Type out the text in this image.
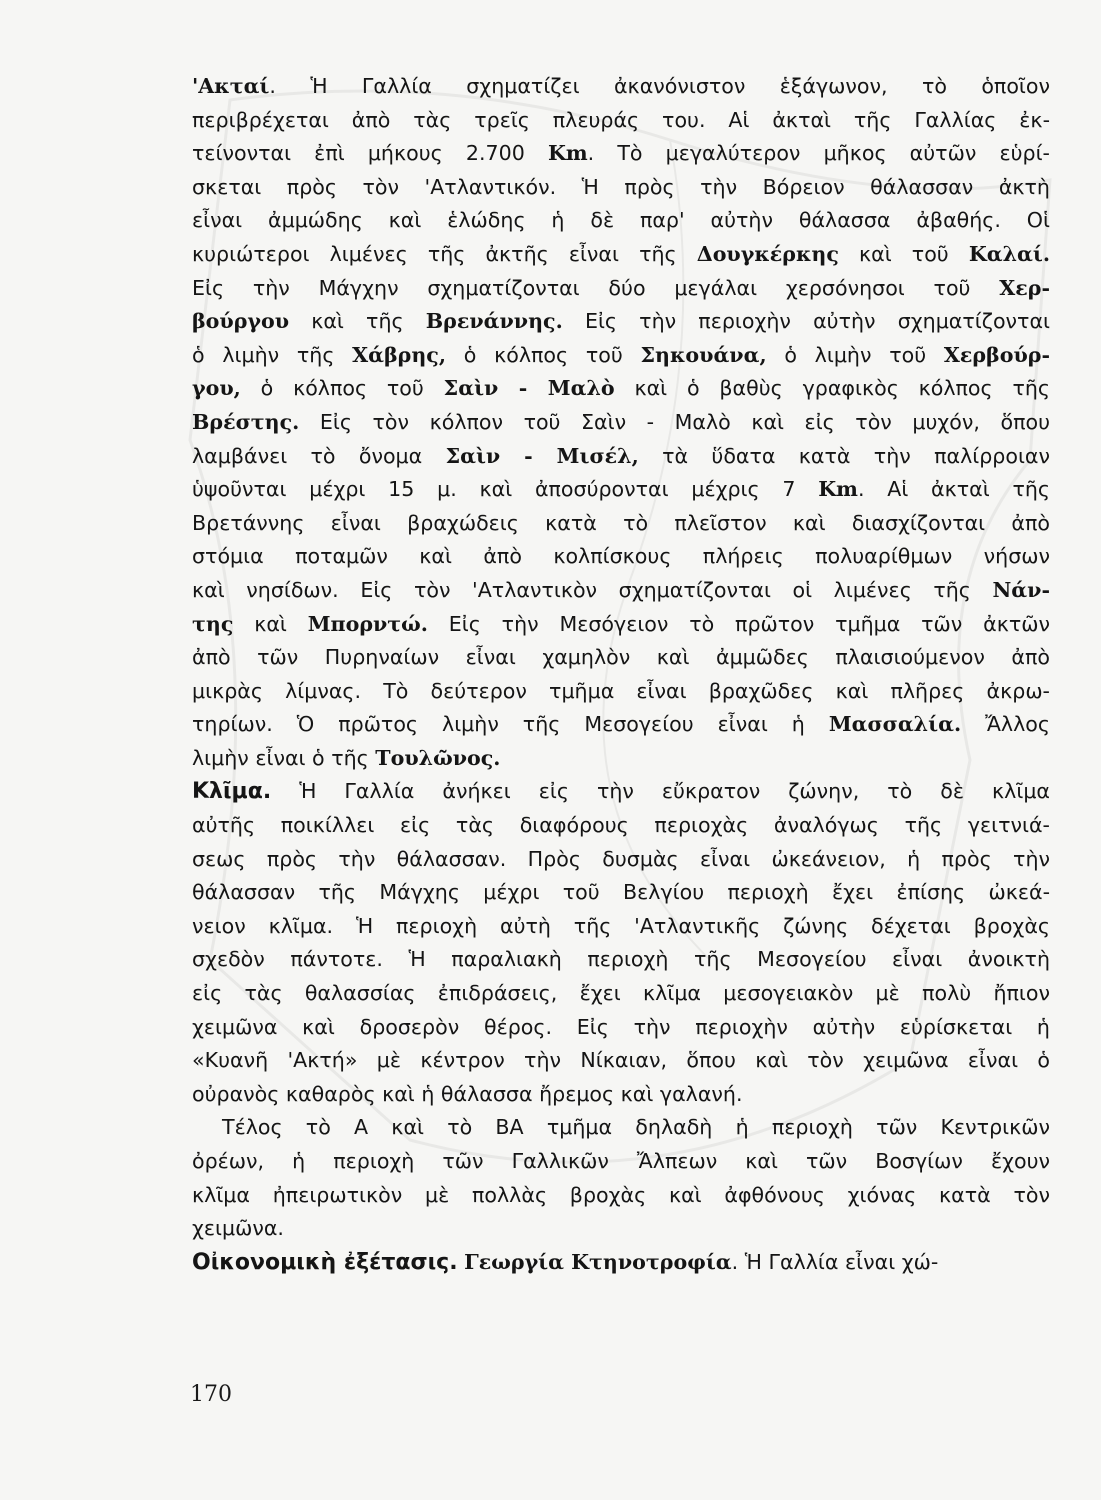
'Ακταί. Ἡ Γαλλία σχηματίζει ἀκανόνιστον ἑξάγωνον, τὸ ὁποῖον
περιβρέχεται ἀπὸ τὰς τρεῖς πλευράς του. Αἱ ἀκταὶ τῆς Γαλλίας ἐκ-
τείνονται ἐπὶ μήκους 2.700 Km. Τὸ μεγαλύτερον μῆκος αὐτῶν εὑρί-
σκεται πρὸς τὸν 'Ατλαντικόν. Ἡ πρὸς τὴν Βόρειον θάλασσαν ἀκτὴ
εἶναι ἀμμώδης καὶ ἑλώδης ἡ δὲ παρ' αὐτὴν θάλασσα ἀβαθής. Οἱ
κυριώτεροι λιμένες τῆς ἀκτῆς εἶναι τῆς Δουγκέρκης καὶ τοῦ Καλαί.
Εἰς τὴν Μάγχην σχηματίζονται δύο μεγάλαι χερσόνησοι τοῦ Χερ-
βούργου καὶ τῆς Βρενάννης. Εἰς τὴν περιοχὴν αὐτὴν σχηματίζονται
ὁ λιμὴν τῆς Χάβρης, ὁ κόλπος τοῦ Σηκουάνα, ὁ λιμὴν τοῦ Χερβούρ-
γου, ὁ κόλπος τοῦ Σαὶν - Μαλὸ καὶ ὁ βαθὺς γραφικὸς κόλπος τῆς
Βρέστης. Εἰς τὸν κόλπον τοῦ Σαὶν - Μαλὸ καὶ εἰς τὸν μυχόν, ὅπου
λαμβάνει τὸ ὄνομα Σαὶν - Μισέλ, τὰ ὕδατα κατὰ τὴν παλίρροιαν
ὑψοῦνται μέχρι 15 μ. καὶ ἀποσύρονται μέχρις 7 Km. Αἱ ἀκταὶ τῆς
Βρετάννης εἶναι βραχώδεις κατὰ τὸ πλεῖστον καὶ διασχίζονται ἀπὸ
στόμια ποταμῶν καὶ ἀπὸ κολπίσκους πλήρεις πολυαρίθμων νήσων
καὶ νησίδων. Εἰς τὸν 'Ατλαντικὸν σχηματίζονται οἱ λιμένες τῆς Νάν-
της καὶ Μπορντώ. Εἰς τὴν Μεσόγειον τὸ πρῶτον τμῆμα τῶν ἀκτῶν
ἀπὸ τῶν Πυρηναίων εἶναι χαμηλὸν καὶ ἀμμῶδες πλαισιούμενον ἀπὸ
μικρὰς λίμνας. Τὸ δεύτερον τμῆμα εἶναι βραχῶδες καὶ πλῆρες ἀκρω-
τηρίων. Ὁ πρῶτος λιμὴν τῆς Μεσογείου εἶναι ἡ Μασσαλία. Ἄλλος
λιμὴν εἶναι ὁ τῆς Τουλῶνος.
Κλῖμα. Ἡ Γαλλία ἀνήκει εἰς τὴν εὔκρατον ζώνην, τὸ δὲ κλῖμα
αὐτῆς ποικίλλει εἰς τὰς διαφόρους περιοχὰς ἀναλόγως τῆς γειτνιά-
σεως πρὸς τὴν θάλασσαν. Πρὸς δυσμὰς εἶναι ὠκεάνειον, ἡ πρὸς τὴν
θάλασσαν τῆς Μάγχης μέχρι τοῦ Βελγίου περιοχὴ ἔχει ἐπίσης ὠκεά-
νειον κλῖμα. Ἡ περιοχὴ αὐτὴ τῆς 'Ατλαντικῆς ζώνης δέχεται βροχὰς
σχεδὸν πάντοτε. Ἡ παραλιακὴ περιοχὴ τῆς Μεσογείου εἶναι ἀνοικτὴ
εἰς τὰς θαλασσίας ἐπιδράσεις, ἔχει κλῖμα μεσογειακὸν μὲ πολὺ ἤπιον
χειμῶνα καὶ δροσερὸν θέρος. Εἰς τὴν περιοχὴν αὐτὴν εὑρίσκεται ἡ
«Κυανῆ 'Ακτή» μὲ κέντρον τὴν Νίκαιαν, ὅπου καὶ τὸν χειμῶνα εἶναι ὁ
οὐρανὸς καθαρὸς καὶ ἡ θάλασσα ἤρεμος καὶ γαλανή.
Τέλος τὸ Α καὶ τὸ ΒΑ τμῆμα δηλαδὴ ἡ περιοχὴ τῶν Κεντρικῶν
ὀρέων, ἡ περιοχὴ τῶν Γαλλικῶν Ἄλπεων καὶ τῶν Βοσγίων ἔχουν
κλῖμα ἠπειρωτικὸν μὲ πολλὰς βροχὰς καὶ ἀφθόνους χιόνας κατὰ τὸν
χειμῶνα.
Οἰκονομικὴ ἐξέτασις. Γεωργία Κτηνοτροφία. Ἡ Γαλλία εἶναι χώ-
170
